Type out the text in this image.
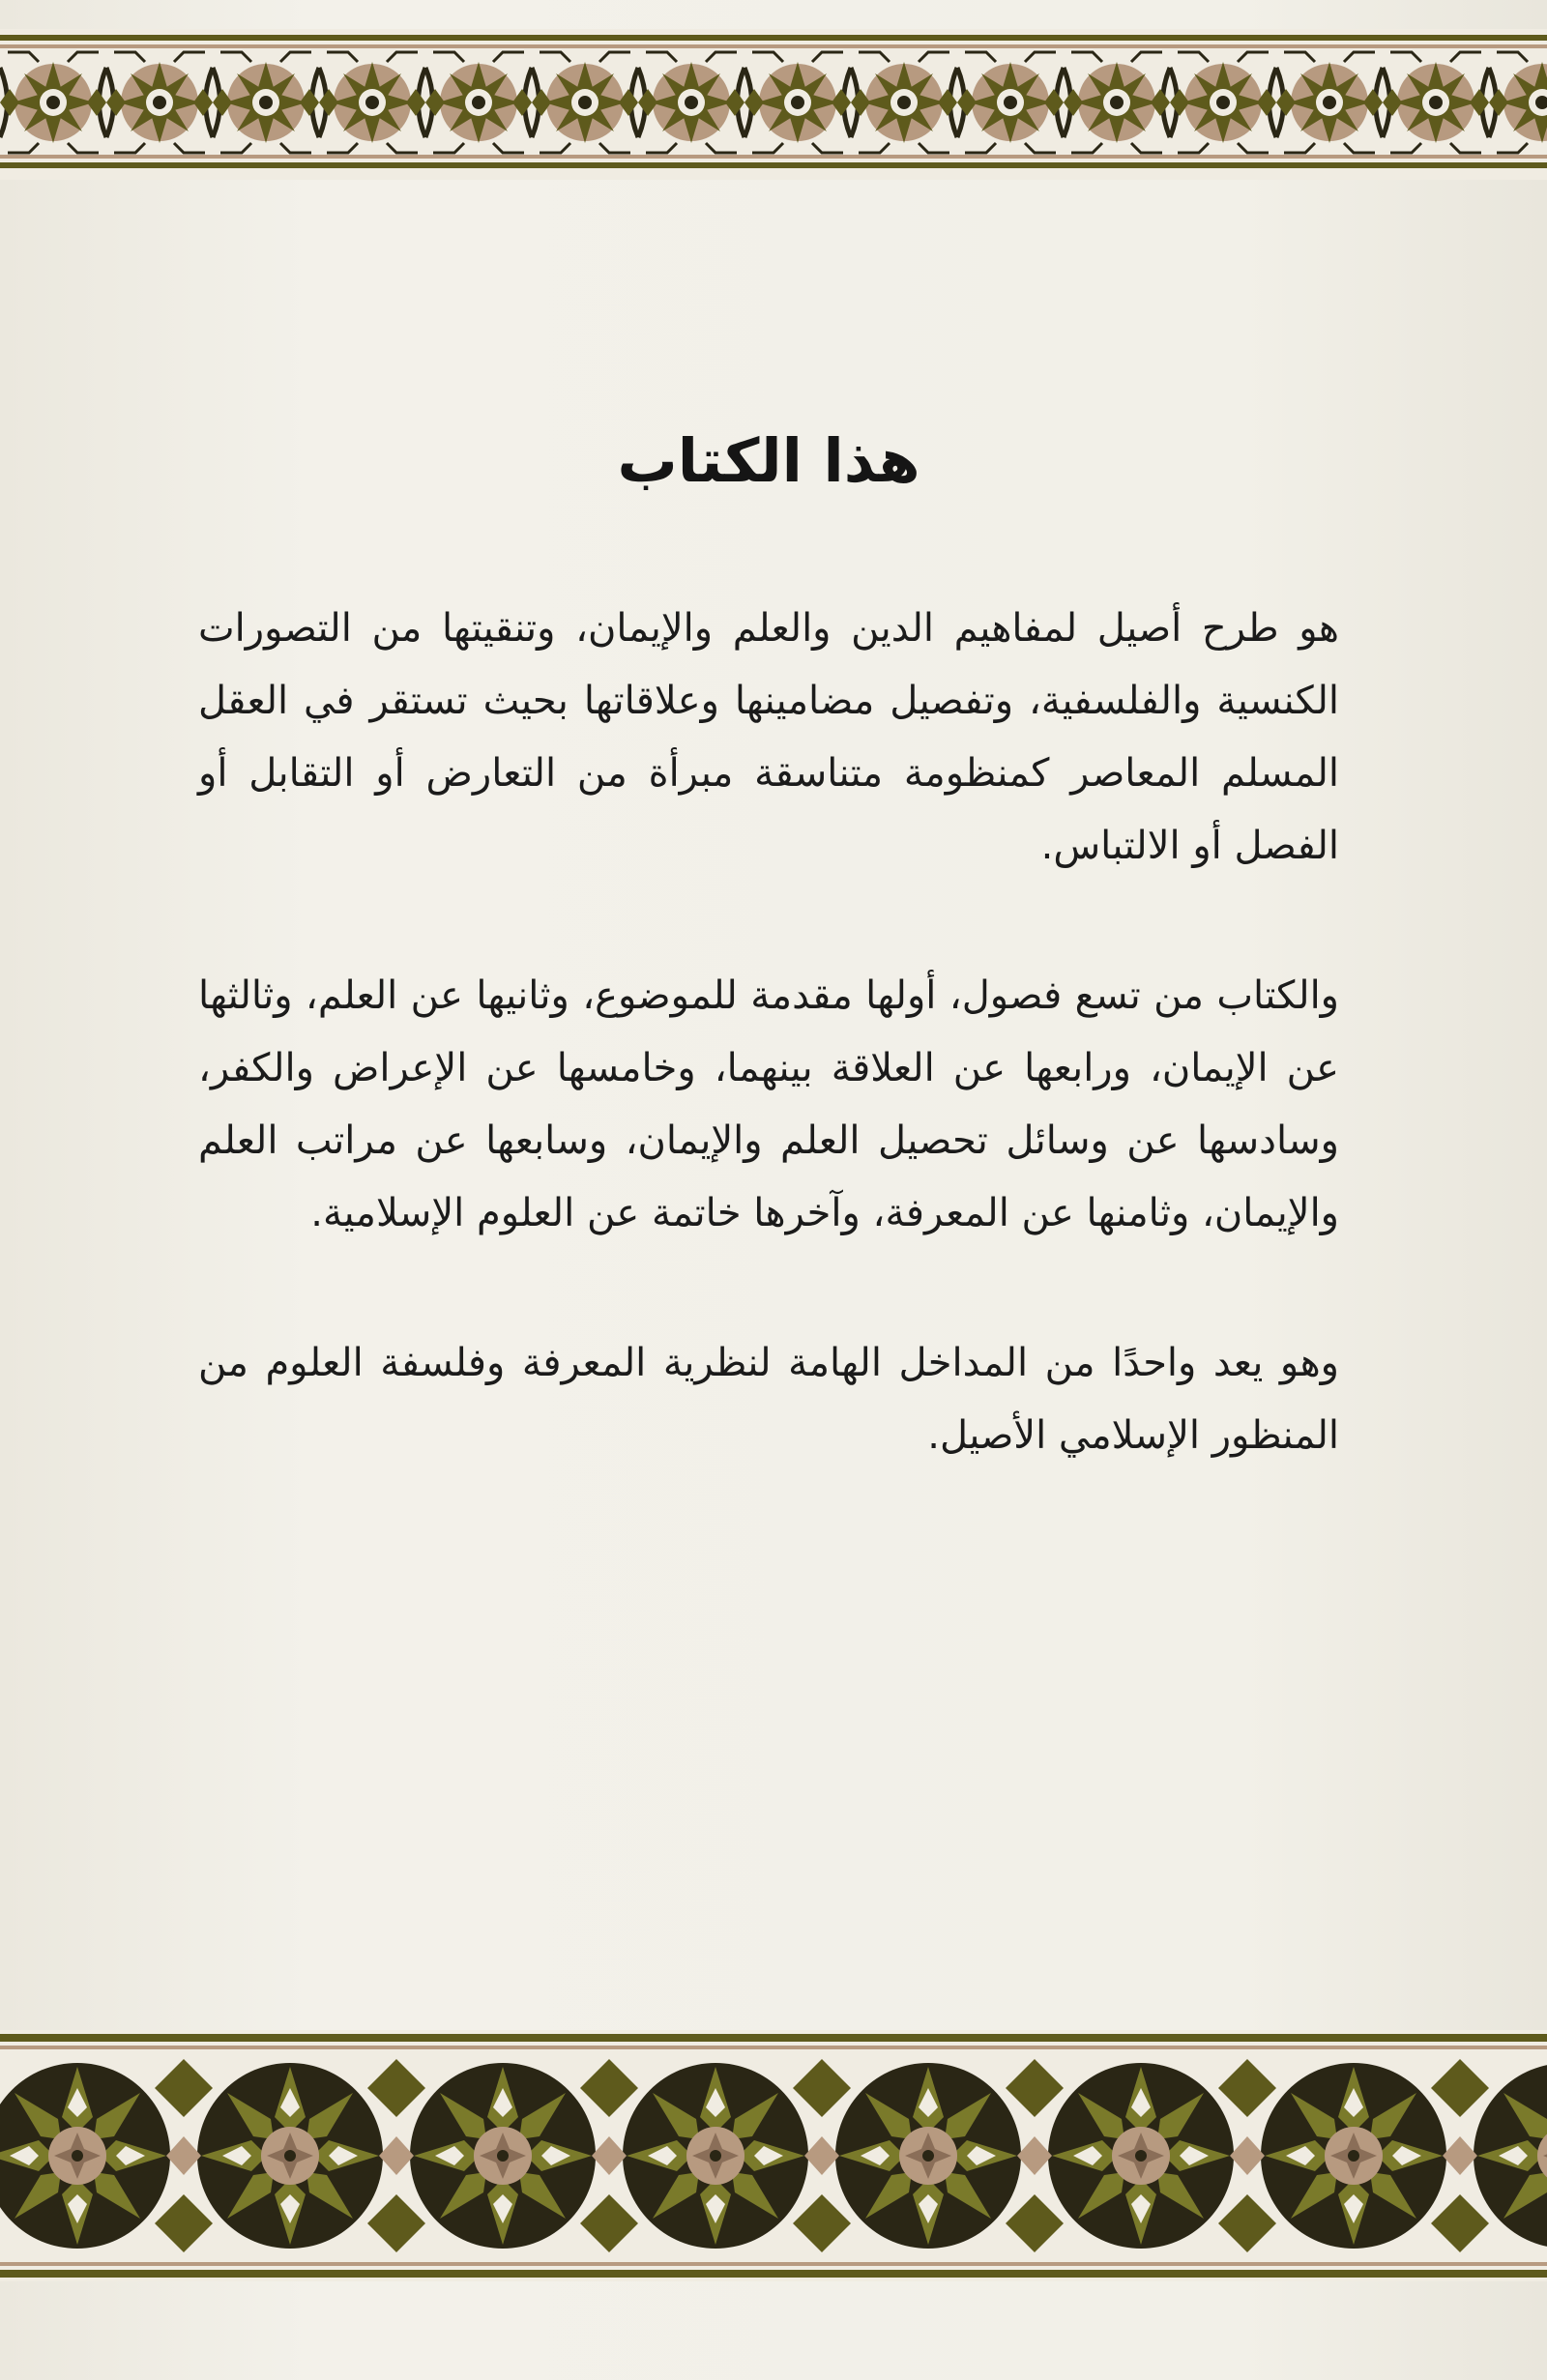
هذا الكتاب

هو طرح أصيل لمفاهيم الدين والعلم والإيمان، وتنقيتها من التصورات الكنسية والفلسفية، وتفصيل مضامينها وعلاقاتها بحيث تستقر في العقل المسلم المعاصر كمنظومة متناسقة مبرأة من التعارض أو التقابل أو الفصل أو الالتباس.

والكتاب من تسع فصول، أولها مقدمة للموضوع، وثانيها عن العلم، وثالثها عن الإيمان، ورابعها عن العلاقة بينهما، وخامسها عن الإعراض والكفر، وسادسها عن وسائل تحصيل العلم والإيمان، وسابعها عن مراتب العلم والإيمان، وثامنها عن المعرفة، وآخرها خاتمة عن العلوم الإسلامية.

وهو يعد واحدًا من المداخل الهامة لنظرية المعرفة وفلسفة العلوم من المنظور الإسلامي الأصيل.
